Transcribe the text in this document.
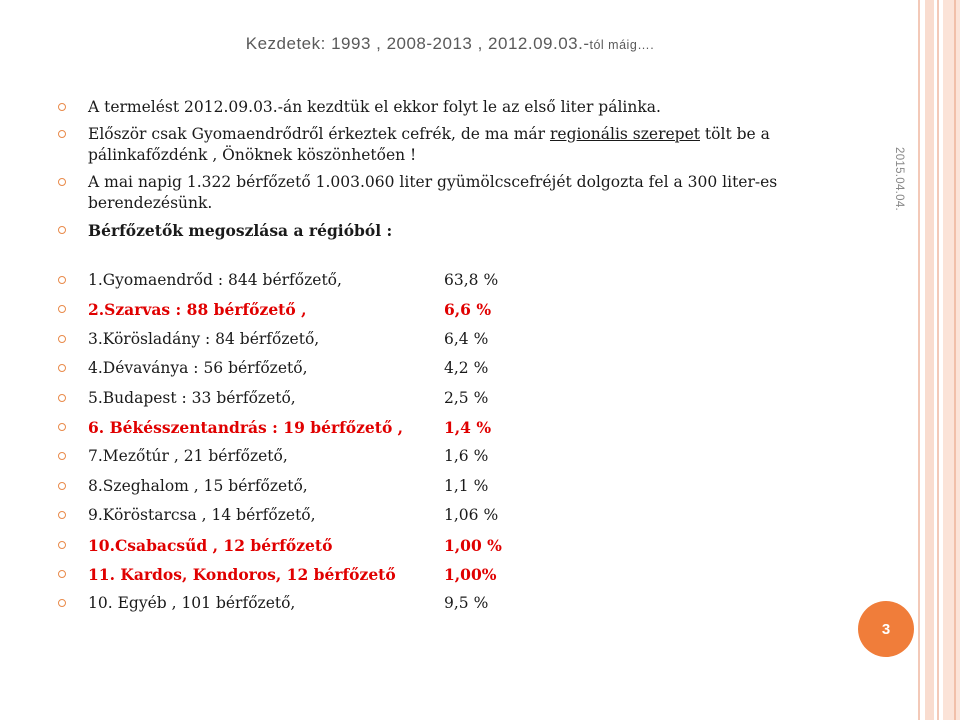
Kezdetek: 1993 , 2008-2013 , 2012.09.03.-tól máig….
2015.04.04.
A termelést 2012.09.03.-án kezdtük el ekkor folyt le az első liter pálinka.
Először csak Gyomaendrődről érkeztek cefrék, de ma már regionális szerepet tölt be a pálinkafőzdénk , Önöknek köszönhetően !
A mai napig 1.322 bérfőzető 1.003.060 liter gyümölcscefréjét dolgozta fel a 300 liter-es berendezésünk.
Bérfőzetők megoszlása a régióból :
1.Gyomaendrőd : 844 bérfőzető,	63,8 %
2.Szarvas : 88 bérfőzető ,	6,6 %
3.Körösladány : 84 bérfőzető,	6,4 %
4.Dévaványa : 56 bérfőzető,	4,2 %
5.Budapest : 33 bérfőzető,	2,5 %
6. Békésszentandrás : 19 bérfőzető ,	1,4 %
7.Mezőtúr , 21 bérfőzető,	1,6 %
8.Szeghalom , 15 bérfőzető,	1,1 %
9.Köröstarcsa , 14 bérfőzető,	1,06 %
10.Csabacsűd , 12 bérfőzető	1,00 %
11. Kardos, Kondoros, 12 bérfőzető	1,00%
10. Egyéb , 101 bérfőzető,	9,5 %
3
